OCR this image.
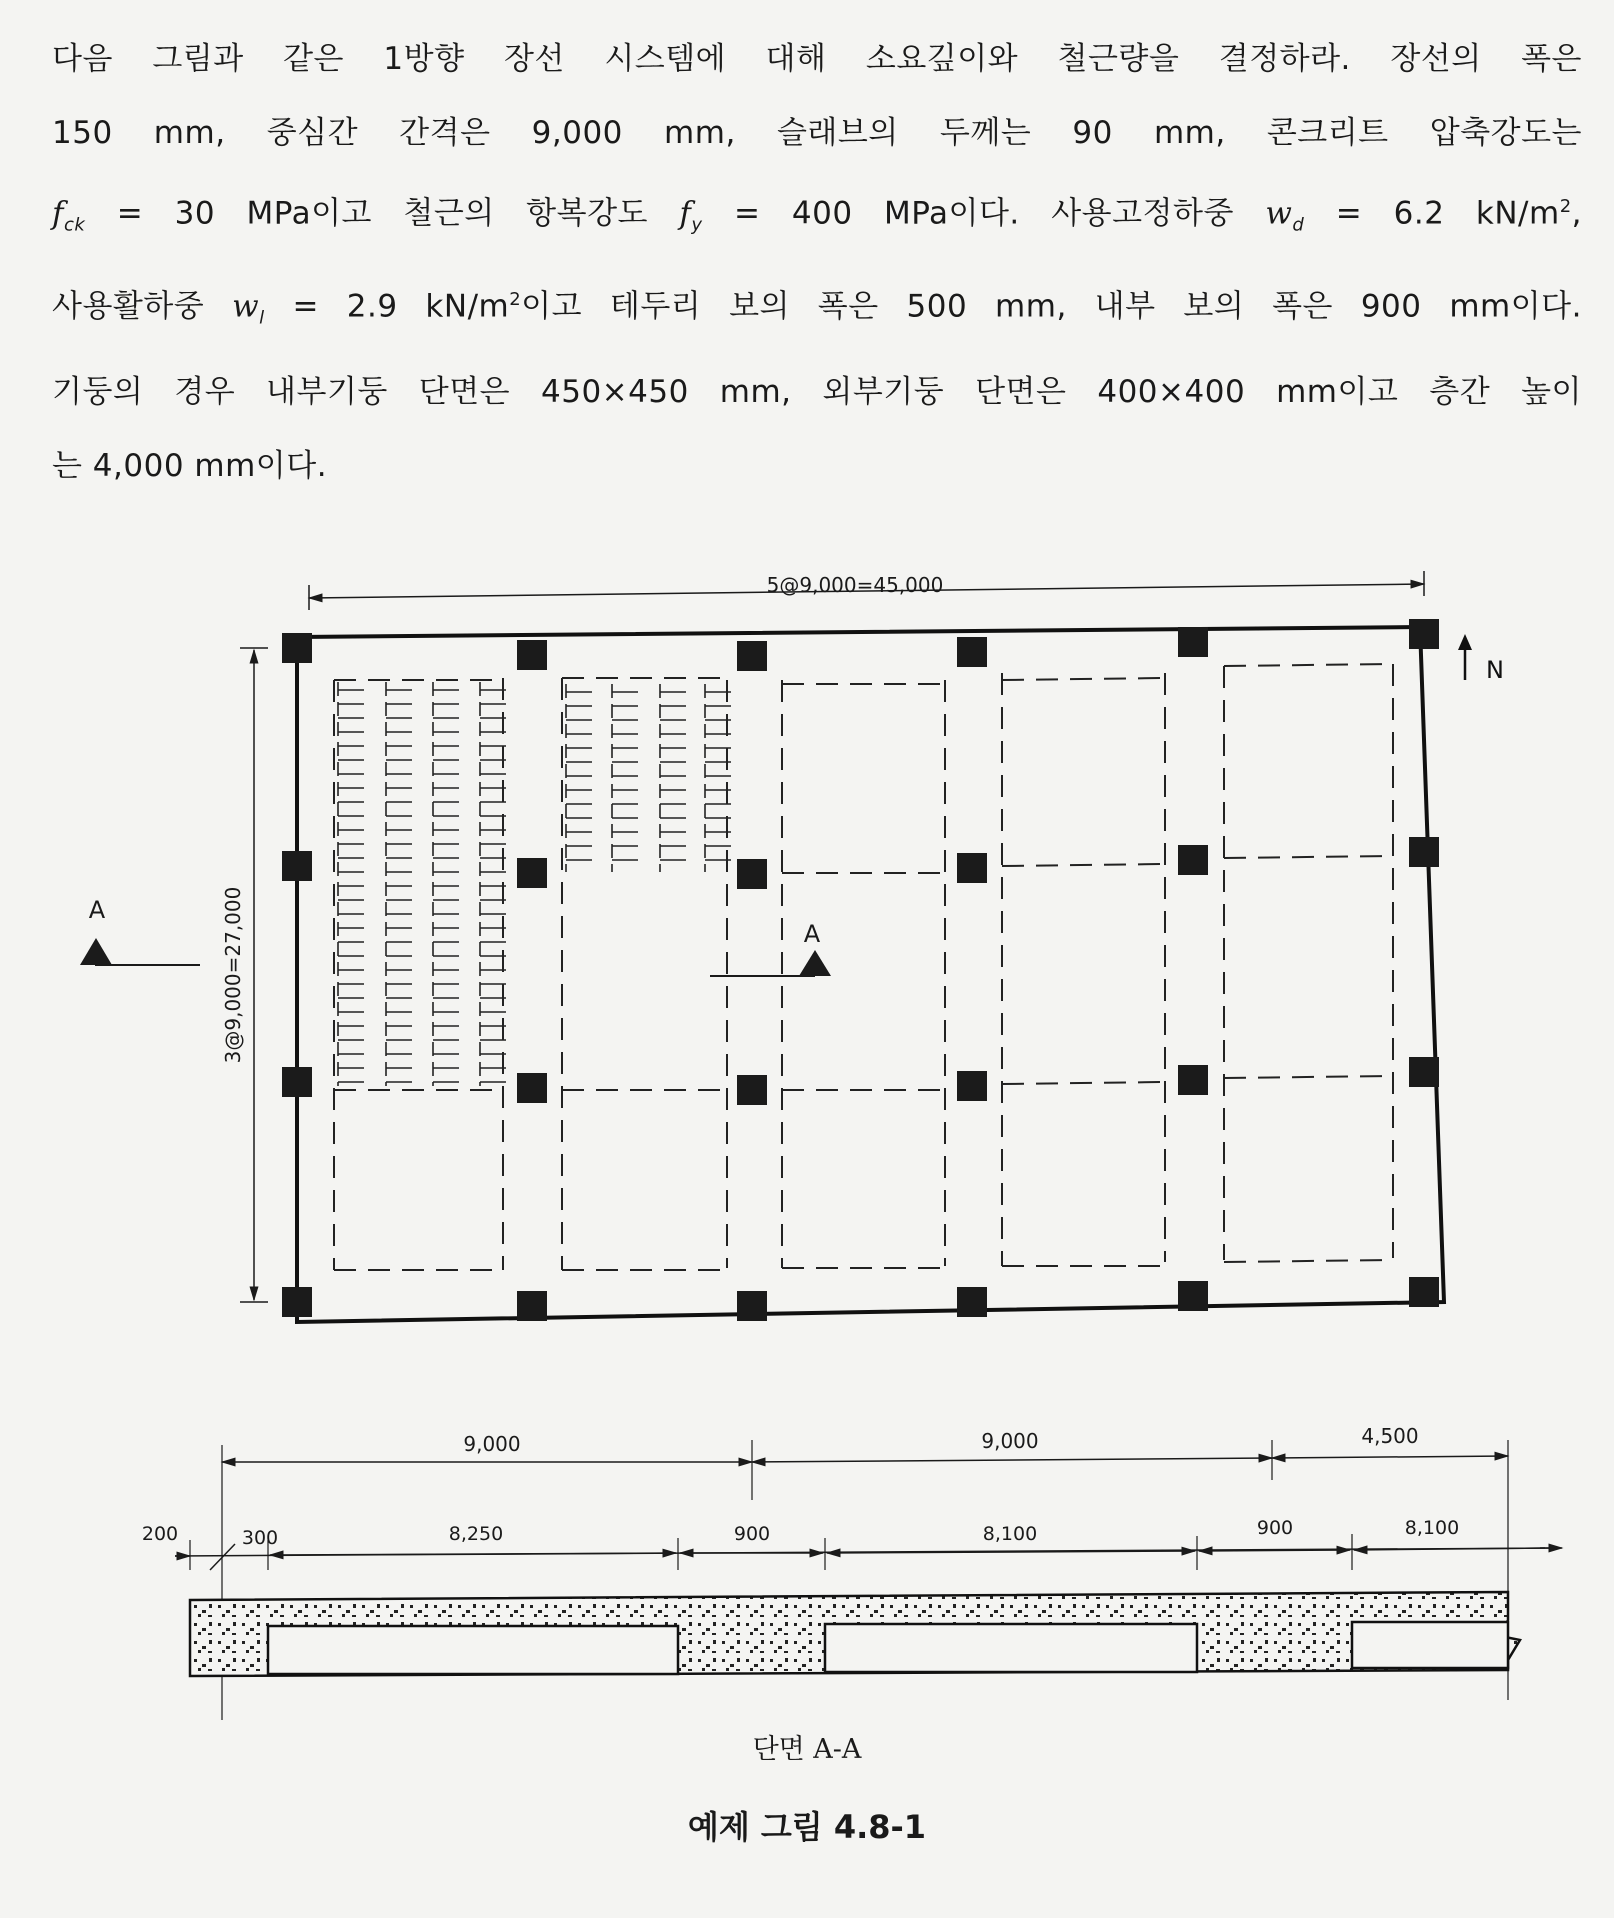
다음 그림과 같은 1방향 장선 시스템에 대해 소요깊이와 철근량을 결정하라. 장선의 폭은
150 mm, 중심간 간격은 9,000 mm, 슬래브의 두께는 90 mm, 콘크리트 압축강도는
$f_{ck} = 30$ MPa이고 철근의 항복강도 $f_y = 400$ MPa이다. 사용고정하중 $w_d = 6.2$ $kN/m^2$,
사용활하중 $w_l = 2.9$ $kN/m^2$이고 테두리 보의 폭은 500 mm, 내부 보의 폭은 900 mm이다.
기둥의 경우 내부기둥 단면은 450×450 mm, 외부기둥 단면은 400×400 mm이고 층간 높이
는 4,000 mm이다.
5@9,000=45,000
3@9,000=27,000
N
A
A
9,000	9,000	4,500
200	300	8,250	900	8,100	900	8,100
단면 A-A
예제 그림 4.8-1
